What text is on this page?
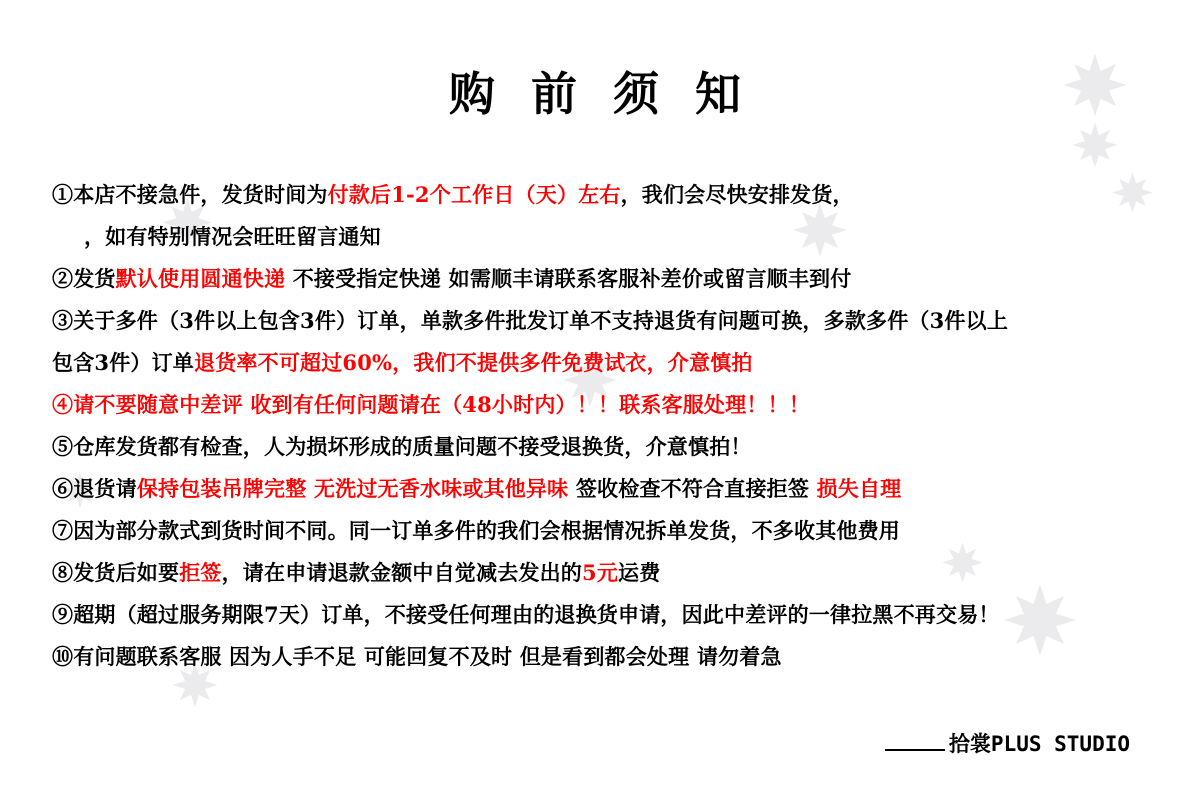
购 前 须 知
①本店不接急件，发货时间为付款后1-2个工作日（天）左右，我们会尽快安排发货，
，如有特别情况会旺旺留言通知
②发货默认使用圆通快递 不接受指定快递 如需顺丰请联系客服补差价或留言顺丰到付
③关于多件（3件以上包含3件）订单，单款多件批发订单不支持退货有问题可换，多款多件（3件以上
包含3件）订单退货率不可超过60%，我们不提供多件免费试衣，介意慎拍
④请不要随意中差评 收到有任何问题请在（48小时内）！！联系客服处理！！！
⑤仓库发货都有检查，人为损坏形成的质量问题不接受退换货，介意慎拍！
⑥退货请保持包装吊牌完整 无洗过无香水味或其他异味 签收检查不符合直接拒签 损失自理
⑦因为部分款式到货时间不同。同一订单多件的我们会根据情况拆单发货，不多收其他费用
⑧发货后如要拒签，请在申请退款金额中自觉减去发出的5元运费
⑨超期（超过服务期限7天）订单，不接受任何理由的退换货申请，因此中差评的一律拉黑不再交易！
⑩有问题联系客服 因为人手不足 可能回复不及时 但是看到都会处理 请勿着急
拾裳PLUS STUDIO
